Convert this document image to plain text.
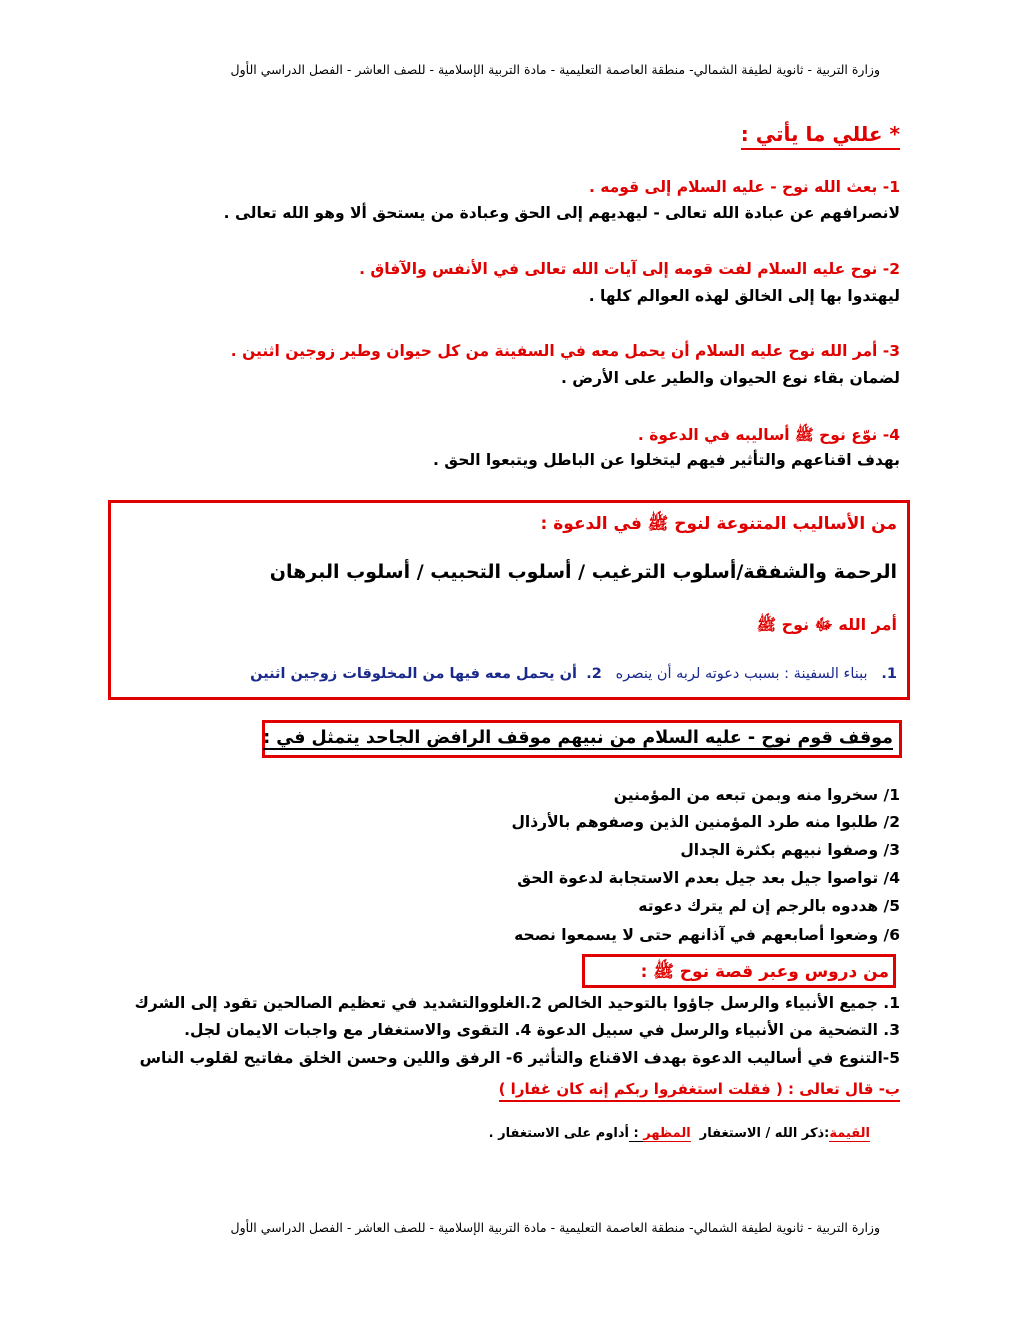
وزارة التربية - ثانوية لطيفة الشمالي- منطقة العاصمة التعليمية - مادة التربية الإسلامية - للصف العاشر - الفصل الدراسي الأول
* عللي ما يأتي :
1- بعث الله نوح - عليه السلام إلى قومه .
لانصرافهم عن عبادة الله تعالى - ليهديهم إلى الحق وعبادة من يستحق ألا وهو الله تعالى .
2- نوح عليه السلام لفت قومه إلى آيات الله تعالى في الأنفس والآفاق .
ليهتدوا بها إلى الخالق لهذه العوالم كلها .
3- أمر الله نوح عليه السلام أن يحمل معه في السفينة من كل حيوان وطير زوجين اثنين .
لضمان بقاء نوع الحيوان والطير على الأرض .
4- نوّع نوح ﷺ أساليبه في الدعوة .
بهدف اقناعهم والتأثير فيهم ليتخلوا عن الباطل ويتبعوا الحق .
من الأساليب المتنوعة لنوح ﷺ في الدعوة :
الرحمة والشفقة/أسلوب الترغيب / أسلوب التحبيب / أسلوب البرهان
أمر الله ﷻ نوح ﷺ
1.   ببناء السفينة : بسبب دعوته لربه أن ينصره   2.  أن يحمل معه فيها من المخلوقات زوجين اثنين
موقف قوم نوح - عليه السلام من نبيهم موقف الرافض الجاحد يتمثل في :
1/ سخروا منه وبمن تبعه من المؤمنين
2/ طلبوا منه طرد المؤمنين الذين وصفوهم بالأرذال
3/ وصفوا نبيهم بكثرة الجدال
4/ تواصوا جيل بعد جيل بعدم الاستجابة لدعوة الحق
5/ هددوه بالرجم إن لم يترك دعوته
6/ وضعوا أصابعهم في آذانهم حتى لا يسمعوا نصحه
من دروس وعبر قصة نوح ﷺ :
1. جميع الأنبياء والرسل جاؤوا بالتوحيد الخالص 2.الغلووالتشديد في تعظيم الصالحين تقود إلى الشرك
3. التضحية من الأنبياء والرسل في سبيل الدعوة 4. التقوى والاستغفار مع واجبات الايمان لجل.
5-التنوع في أساليب الدعوة بهدف الاقناع والتأثير 6- الرفق واللين وحسن الخلق مفاتيح لقلوب الناس
ب- قال تعالى : ( فقلت استغفروا ربكم إنه كان غفارا )
القيمة:ذكر الله / الاستغفار  المظهر : أداوم على الاستغفار .
وزارة التربية - ثانوية لطيفة الشمالي- منطقة العاصمة التعليمية - مادة التربية الإسلامية - للصف العاشر - الفصل الدراسي الأول
